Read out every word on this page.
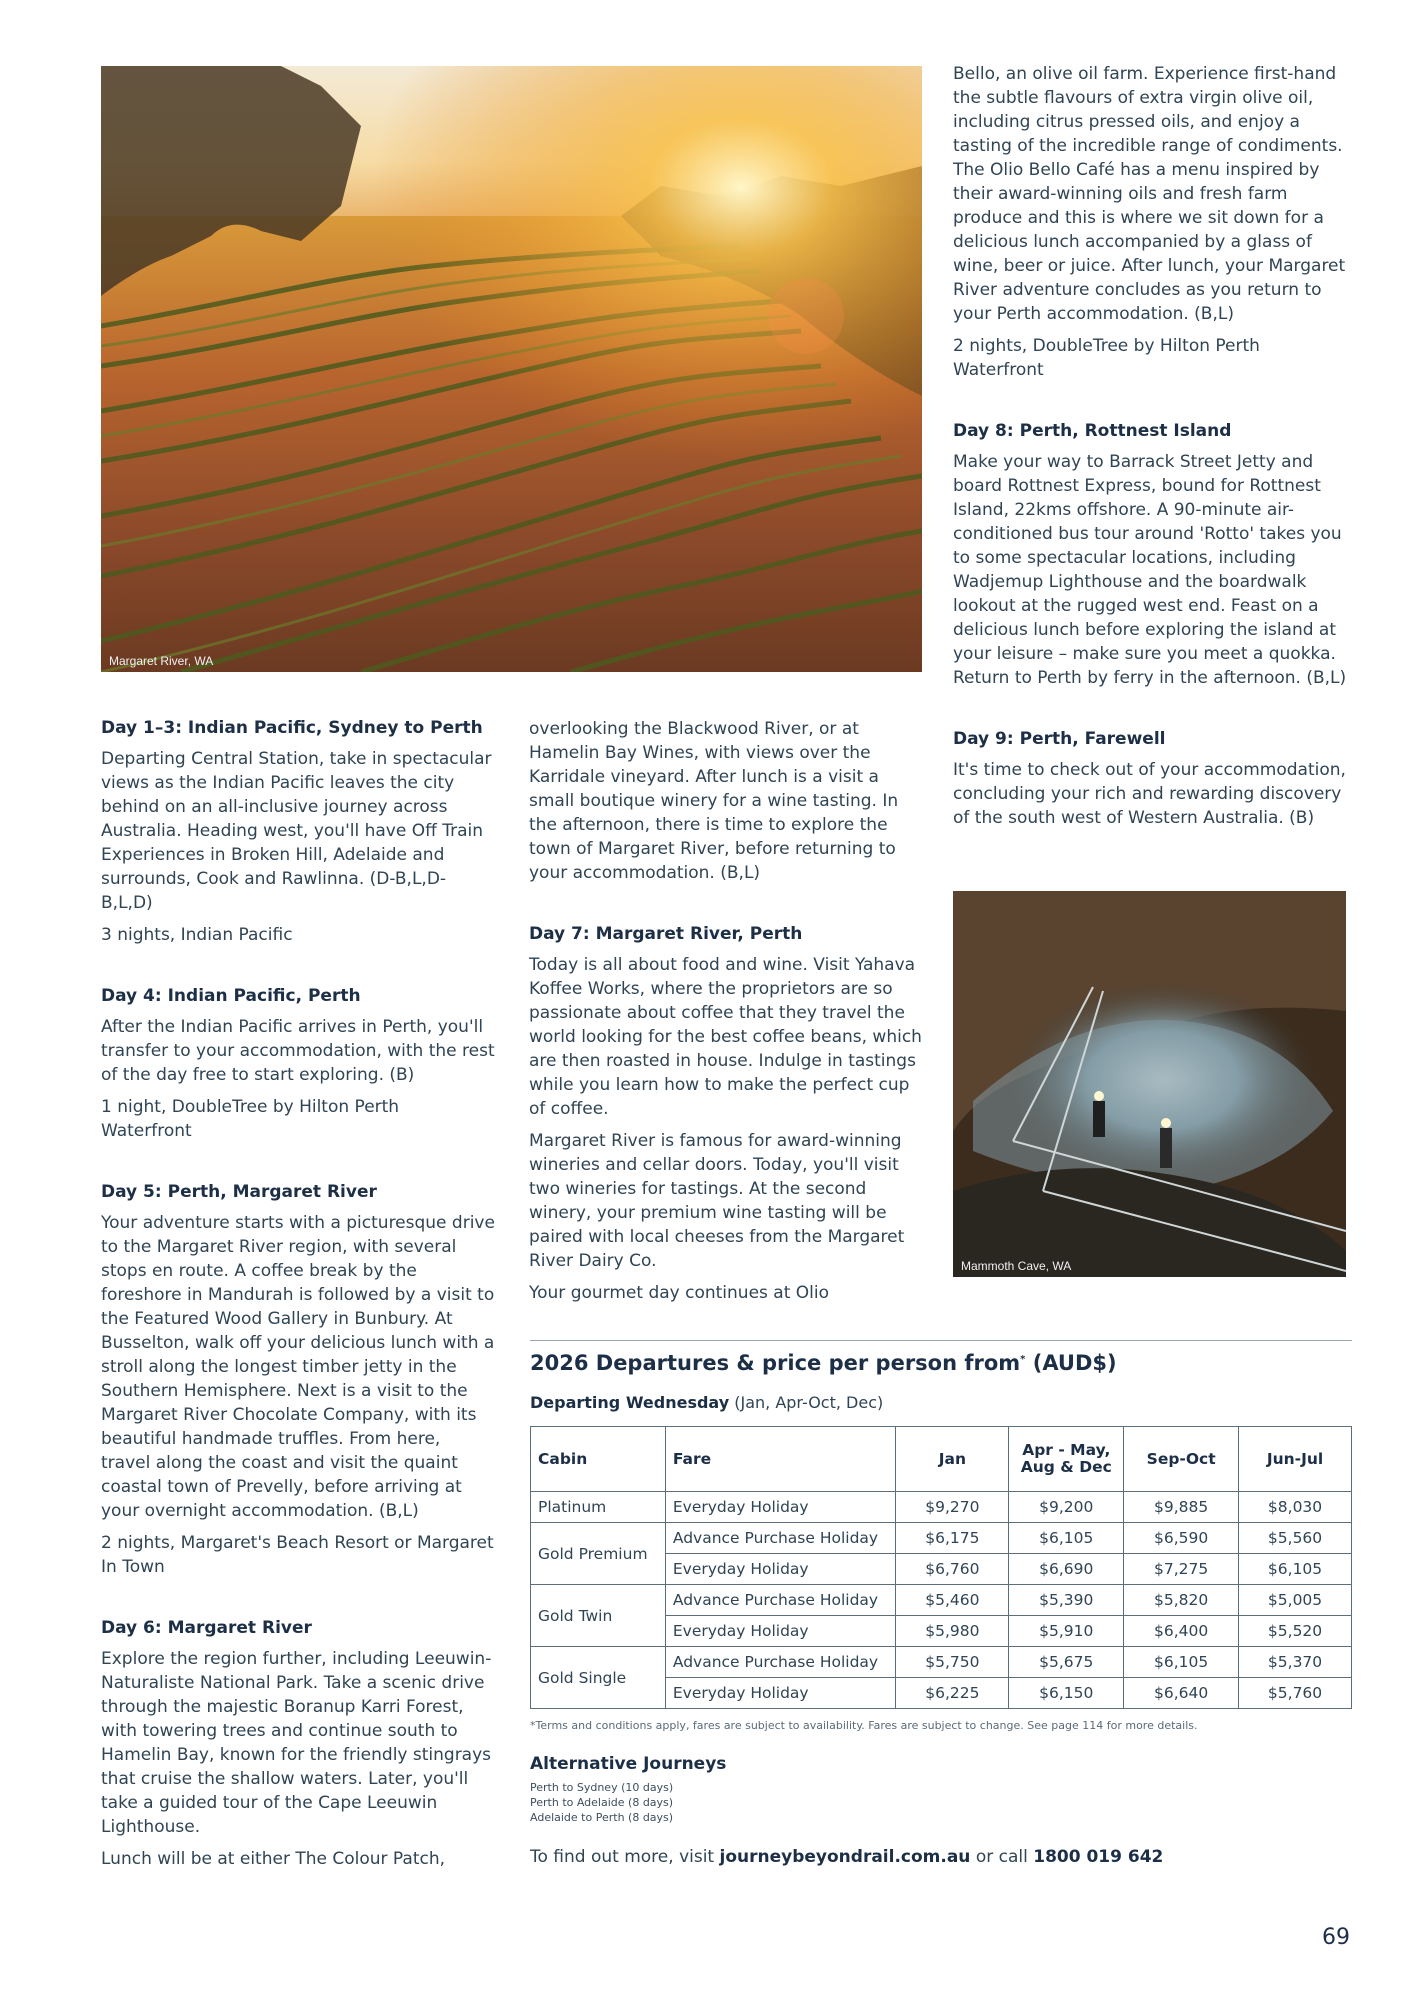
Margaret River, WA
Day 1–3: Indian Pacific, Sydney to Perth

Departing Central Station, take in spectacular views as the Indian Pacific leaves the city behind on an all-inclusive journey across Australia. Heading west, you'll have Off Train Experiences in Broken Hill, Adelaide and surrounds, Cook and Rawlinna. (D-B,L,D-B,L,D)

3 nights, Indian Pacific

Day 4: Indian Pacific, Perth

After the Indian Pacific arrives in Perth, you'll transfer to your accommodation, with the rest of the day free to start exploring. (B)

1 night, DoubleTree by Hilton Perth Waterfront

Day 5: Perth, Margaret River

Your adventure starts with a picturesque drive to the Margaret River region, with several stops en route. A coffee break by the foreshore in Mandurah is followed by a visit to the Featured Wood Gallery in Bunbury. At Busselton, walk off your delicious lunch with a stroll along the longest timber jetty in the Southern Hemisphere. Next is a visit to the Margaret River Chocolate Company, with its beautiful handmade truffles. From here, travel along the coast and visit the quaint coastal town of Prevelly, before arriving at your overnight accommodation. (B,L)

2 nights, Margaret's Beach Resort or Margaret In Town

Day 6: Margaret River

Explore the region further, including Leeuwin-Naturaliste National Park. Take a scenic drive through the majestic Boranup Karri Forest, with towering trees and continue south to Hamelin Bay, known for the friendly stingrays that cruise the shallow waters. Later, you'll take a guided tour of the Cape Leeuwin Lighthouse.

Lunch will be at either The Colour Patch,

overlooking the Blackwood River, or at Hamelin Bay Wines, with views over the Karridale vineyard. After lunch is a visit a small boutique winery for a wine tasting. In the afternoon, there is time to explore the town of Margaret River, before returning to your accommodation. (B,L)

Day 7: Margaret River, Perth

Today is all about food and wine. Visit Yahava Koffee Works, where the proprietors are so passionate about coffee that they travel the world looking for the best coffee beans, which are then roasted in house. Indulge in tastings while you learn how to make the perfect cup of coffee.

Margaret River is famous for award-winning wineries and cellar doors. Today, you'll visit two wineries for tastings. At the second winery, your premium wine tasting will be paired with local cheeses from the Margaret River Dairy Co.

Your gourmet day continues at Olio

Bello, an olive oil farm. Experience first-hand the subtle flavours of extra virgin olive oil, including citrus pressed oils, and enjoy a tasting of the incredible range of condiments. The Olio Bello Café has a menu inspired by their award-winning oils and fresh farm produce and this is where we sit down for a delicious lunch accompanied by a glass of wine, beer or juice. After lunch, your Margaret River adventure concludes as you return to your Perth accommodation. (B,L)

2 nights, DoubleTree by Hilton Perth Waterfront

Day 8: Perth, Rottnest Island

Make your way to Barrack Street Jetty and board Rottnest Express, bound for Rottnest Island, 22kms offshore. A 90-minute air-conditioned bus tour around 'Rotto' takes you to some spectacular locations, including Wadjemup Lighthouse and the boardwalk lookout at the rugged west end. Feast on a delicious lunch before exploring the island at your leisure – make sure you meet a quokka. Return to Perth by ferry in the afternoon. (B,L)

Day 9: Perth, Farewell

It's time to check out of your accommodation, concluding your rich and rewarding discovery of the south west of Western Australia. (B)

Mammoth Cave, WA
2026 Departures & price per person from* (AUD$)
Departing Wednesday (Jan, Apr-Oct, Dec)
Cabin	Fare	Jan	Apr - May, Aug & Dec	Sep-Oct	Jun-Jul
Platinum	Everyday Holiday	$9,270	$9,200	$9,885	$8,030
Gold Premium	Advance Purchase Holiday	$6,175	$6,105	$6,590	$5,560
	Everyday Holiday	$6,760	$6,690	$7,275	$6,105
Gold Twin	Advance Purchase Holiday	$5,460	$5,390	$5,820	$5,005
	Everyday Holiday	$5,980	$5,910	$6,400	$5,520
Gold Single	Advance Purchase Holiday	$5,750	$5,675	$6,105	$5,370
	Everyday Holiday	$6,225	$6,150	$6,640	$5,760
*Terms and conditions apply, fares are subject to availability. Fares are subject to change. See page 114 for more details.
Alternative Journeys
Perth to Sydney (10 days)
Perth to Adelaide (8 days)
Adelaide to Perth (8 days)
To find out more, visit journeybeyondrail.com.au or call 1800 019 642
69
